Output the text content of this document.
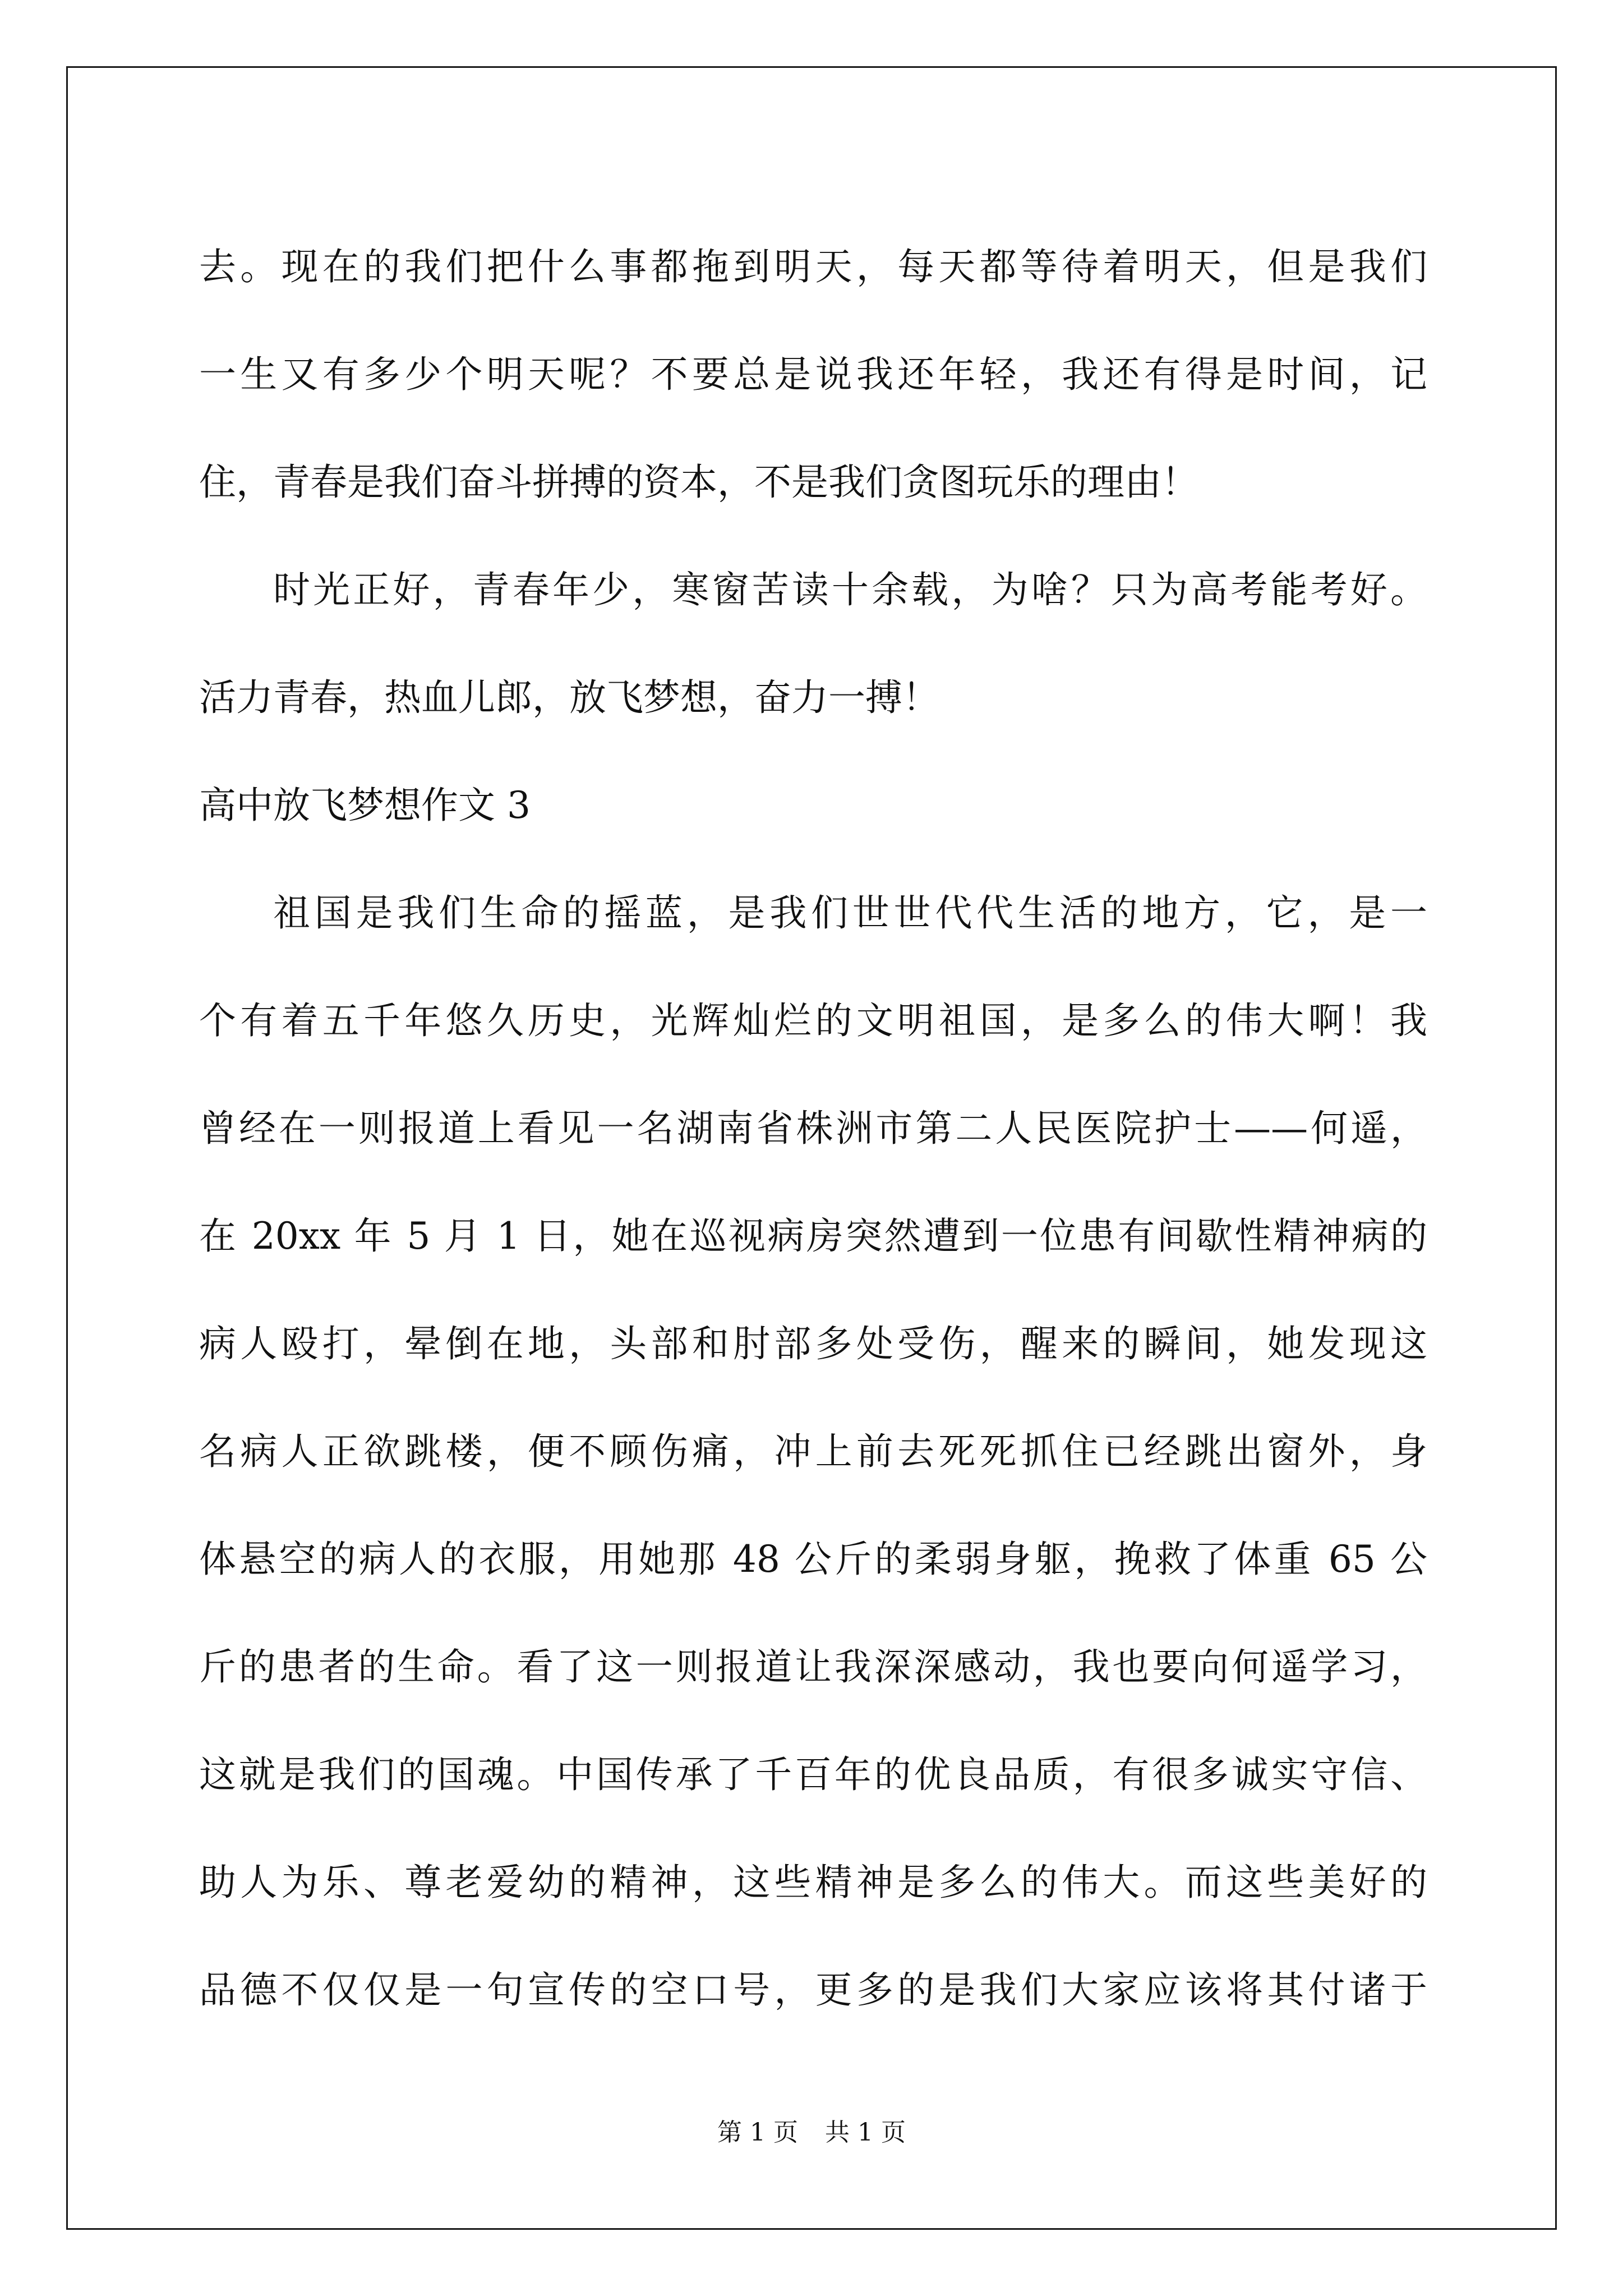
去。现在的我们把什么事都拖到明天，每天都等待着明天，但是我们
一生又有多少个明天呢？不要总是说我还年轻，我还有得是时间，记
住，青春是我们奋斗拼搏的资本，不是我们贪图玩乐的理由！
时光正好，青春年少，寒窗苦读十余载，为啥？只为高考能考好。
活力青春，热血儿郎，放飞梦想，奋力一搏！
高中放飞梦想作文 3
祖国是我们生命的摇蓝，是我们世世代代生活的地方，它，是一
个有着五千年悠久历史，光辉灿烂的文明祖国，是多么的伟大啊！我
曾经在一则报道上看见一名湖南省株洲市第二人民医院护士——何遥，
在 20xx 年 5 月 1 日，她在巡视病房突然遭到一位患有间歇性精神病的
病人殴打，晕倒在地，头部和肘部多处受伤，醒来的瞬间，她发现这
名病人正欲跳楼，便不顾伤痛，冲上前去死死抓住已经跳出窗外，身
体悬空的病人的衣服，用她那 48 公斤的柔弱身躯，挽救了体重 65 公
斤的患者的生命。看了这一则报道让我深深感动，我也要向何遥学习，
这就是我们的国魂。中国传承了千百年的优良品质，有很多诚实守信、
助人为乐、尊老爱幼的精神，这些精神是多么的伟大。而这些美好的
品德不仅仅是一句宣传的空口号，更多的是我们大家应该将其付诸于
第 1 页 共 1 页
